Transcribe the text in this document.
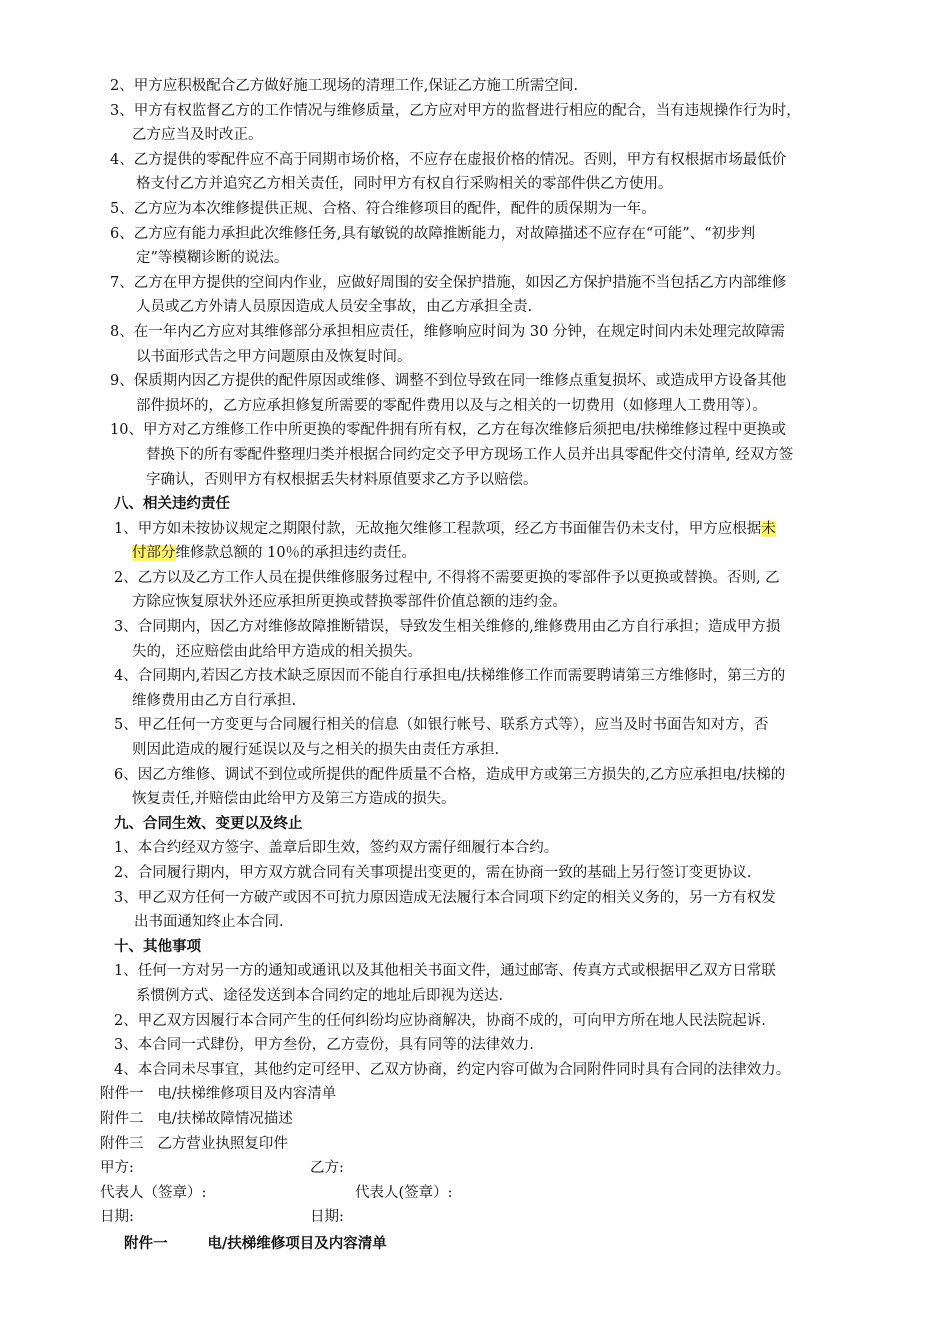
2、甲方应积极配合乙方做好施工现场的清理工作,保证乙方施工所需空间.
3、甲方有权监督乙方的工作情况与维修质量，乙方应对甲方的监督进行相应的配合，当有违规操作行为时，
乙方应当及时改正。
4、乙方提供的零配件应不高于同期市场价格，不应存在虚报价格的情况。否则，甲方有权根据市场最低价
格支付乙方并追究乙方相关责任，同时甲方有权自行采购相关的零部件供乙方使用。
5、乙方应为本次维修提供正规、合格、符合维修项目的配件，配件的质保期为一年。
6、乙方应有能力承担此次维修任务,具有敏锐的故障推断能力，对故障描述不应存在“可能”、“初步判
定”等模糊诊断的说法。
7、乙方在甲方提供的空间内作业，应做好周围的安全保护措施，如因乙方保护措施不当包括乙方内部维修
人员或乙方外请人员原因造成人员安全事故，由乙方承担全责.
8、在一年内乙方应对其维修部分承担相应责任，维修响应时间为 30 分钟，在规定时间内未处理完故障需
以书面形式告之甲方问题原由及恢复时间。
9、保质期内因乙方提供的配件原因或维修、调整不到位导致在同一维修点重复损坏、或造成甲方设备其他
部件损坏的，乙方应承担修复所需要的零配件费用以及与之相关的一切费用（如修理人工费用等）。
10、甲方对乙方维修工作中所更换的零配件拥有所有权，乙方在每次维修后须把电/扶梯维修过程中更换或
替换下的所有零配件整理归类并根据合同约定交予甲方现场工作人员并出具零配件交付清单, 经双方签
字确认，否则甲方有权根据丢失材料原值要求乙方予以赔偿。
八、相关违约责任
1、甲方如未按协议规定之期限付款，无故拖欠维修工程款项，经乙方书面催告仍未支付，甲方应根据未
付部分维修款总额的 10％的承担违约责任。
2、乙方以及乙方工作人员在提供维修服务过程中, 不得将不需要更换的零部件予以更换或替换。否则, 乙
方除应恢复原状外还应承担所更换或替换零部件价值总额的违约金。
3、合同期内，因乙方对维修故障推断错误，导致发生相关维修的,维修费用由乙方自行承担；造成甲方损
失的，还应赔偿由此给甲方造成的相关损失。
4、合同期内,若因乙方技术缺乏原因而不能自行承担电/扶梯维修工作而需要聘请第三方维修时，第三方的
维修费用由乙方自行承担.
5、甲乙任何一方变更与合同履行相关的信息（如银行帐号、联系方式等），应当及时书面告知对方，否
则因此造成的履行延误以及与之相关的损失由责任方承担.
6、因乙方维修、调试不到位或所提供的配件质量不合格，造成甲方或第三方损失的,乙方应承担电/扶梯的
恢复责任,并赔偿由此给甲方及第三方造成的损失。
九、合同生效、变更以及终止
1、本合约经双方签字、盖章后即生效，签约双方需仔细履行本合约。
2、合同履行期内，甲方双方就合同有关事项提出变更的，需在协商一致的基础上另行签订变更协议.
3、甲乙双方任何一方破产或因不可抗力原因造成无法履行本合同项下约定的相关义务的，另一方有权发
出书面通知终止本合同.
十、其他事项
1、任何一方对另一方的通知或通讯以及其他相关书面文件，通过邮寄、传真方式或根据甲乙双方日常联
系惯例方式、途径发送到本合同约定的地址后即视为送达.
2、甲乙双方因履行本合同产生的任何纠纷均应协商解决，协商不成的，可向甲方所在地人民法院起诉.
3、本合同一式肆份，甲方叁份，乙方壹份，具有同等的法律效力.
4、本合同未尽事宜，其他约定可经甲、乙双方协商，约定内容可做为合同附件同时具有合同的法律效力。
附件一 电/扶梯维修项目及内容清单
附件二 电/扶梯故障情况描述
附件三 乙方营业执照复印件
甲方:	乙方:
代表人（签章）:	代表人(签章）:
日期:	日期:
附件一	电/扶梯维修项目及内容清单
